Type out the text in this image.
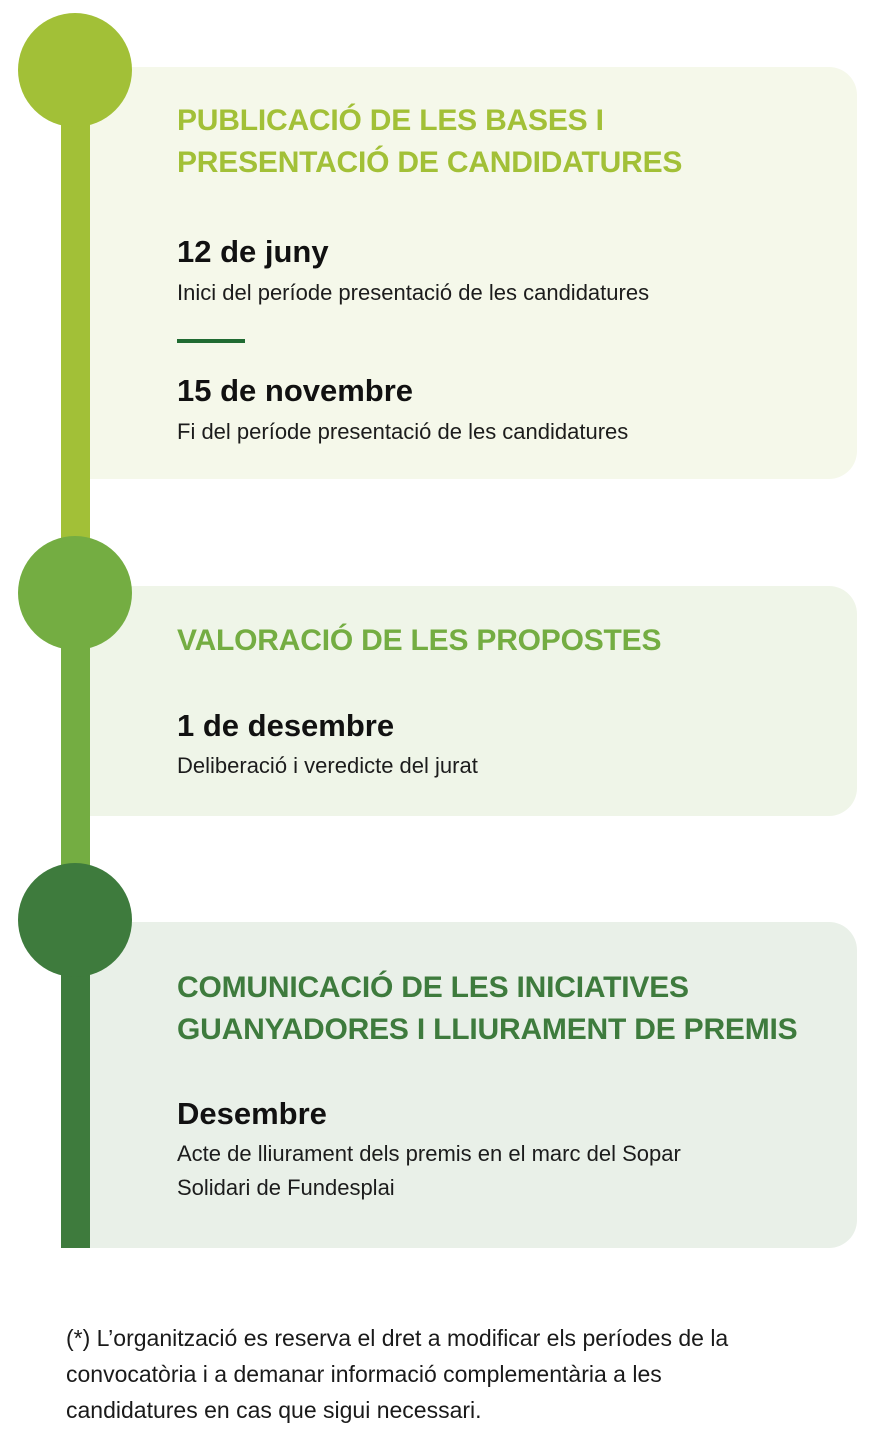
PUBLICACIÓ DE LES BASES I
PRESENTACIÓ DE CANDIDATURES
12 de juny
Inici del període presentació de les candidatures
15 de novembre
Fi del període presentació de les candidatures
VALORACIÓ DE LES PROPOSTES
1 de desembre
Deliberació i veredicte del jurat
COMUNICACIÓ DE LES INICIATIVES
GUANYADORES I LLIURAMENT DE PREMIS
Desembre
Acte de lliurament dels premis en el marc del Sopar
Solidari de Fundesplai

(*) L’organització es reserva el dret a modificar els períodes de la
convocatòria i a demanar informació complementària a les
candidatures en cas que sigui necessari.
